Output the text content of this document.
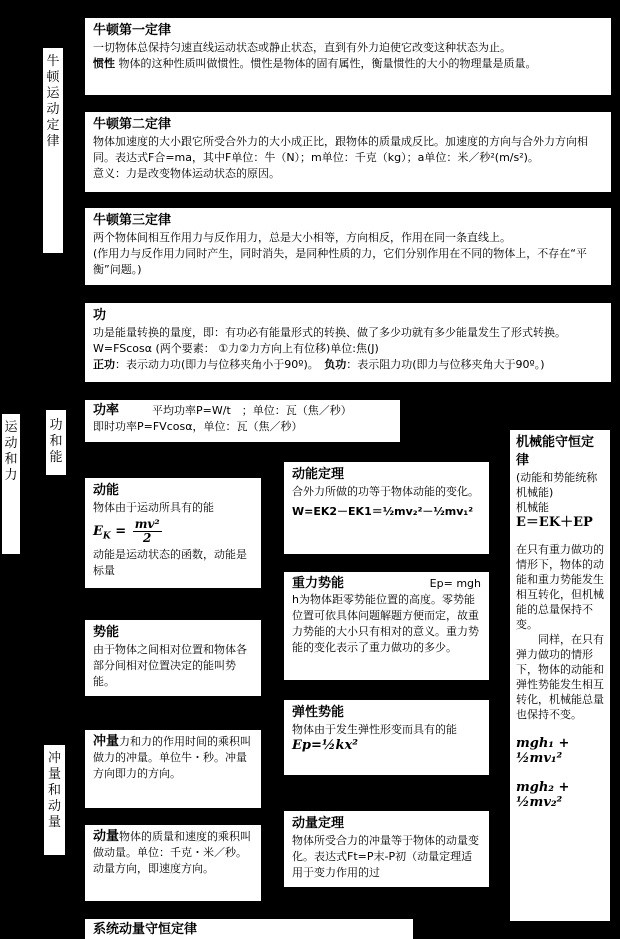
牛顿运动定律
运动和力
功和能
冲量和动量
牛顿第一定律
一切物体总保持匀速直线运动状态或静止状态，直到有外力迫使它改变这种状态为止。
惯性 物体的这种性质叫做惯性。惯性是物体的固有属性，衡量惯性的大小的物理量是质量。
牛顿第二定律
物体加速度的大小跟它所受合外力的大小成正比，跟物体的质量成反比。加速度的方向与合外力方向相同。表达式F合=ma，其中F单位：牛（N）；m单位：千克（kg）；a单位：米／秒²(m/s²)。
意义：力是改变物体运动状态的原因。
牛顿第三定律
两个物体间相互作用力与反作用力，总是大小相等，方向相反，作用在同一条直线上。
(作用力与反作用力同时产生，同时消失，是同种性质的力，它们分别作用在不同的物体上，不存在“平衡”问题。)
功
功是能量转换的量度，即：有功必有能量形式的转换、做了多少功就有多少能量发生了形式转换。W=FScosα (两个要素： ①力②力方向上有位移)单位:焦(J)
正功：表示动力功(即力与位移夹角小于90º)。　 负功：表示阻力功(即力与位移夹角大于90º。)
功率　　　	平均功率P=W/t　；单位：瓦（焦／秒）
即时功率P=FVcosα，单位：瓦（焦／秒）
动能
物体由于运动所具有的能
$E_K = \frac{\text{mv²}}{2}$
动能是运动状态的函数，动能是标量
动能定理
合外力所做的功等于物体动能的变化。
W=EK2－EK1＝½mv₂²－½mv₁²
重力势能	Ep= mgh
h为物体距零势能位置的高度。零势能位置可依具体问题解题方便而定，故重力势能的大小只有相对的意义。重力势能的变化表示了重力做功的多少。
势能
由于物体之间相对位置和物体各部分间相对位置决定的能叫势能。
弹性势能
物体由于发生弹性形变而具有的能
Ep=½kx²
冲量力和力的作用时间的乘积叫做力的冲量。单位牛・秒。冲量方向即力的方向。
动量物体的质量和速度的乘积叫做动量。单位：千克・米／秒。动量方向，即速度方向。
动量定理
物体所受合力的冲量等于物体的动量变化。表达式Ft=P末-P初（动量定理适用于变力作用的过
系统动量守恒定律
机械能守恒定律
(动能和势能统称机械能)
机械能
E＝EK＋EP
在只有重力做功的情形下，物体的动能和重力势能发生相互转化，但机械能的总量保持不变。
同样，在只有弹力做功的情形下，物体的动能和弹性势能发生相互转化，机械能总量也保持不变。
mgh₁ + ½mv₁²
mgh₂ + ½mv₂²
